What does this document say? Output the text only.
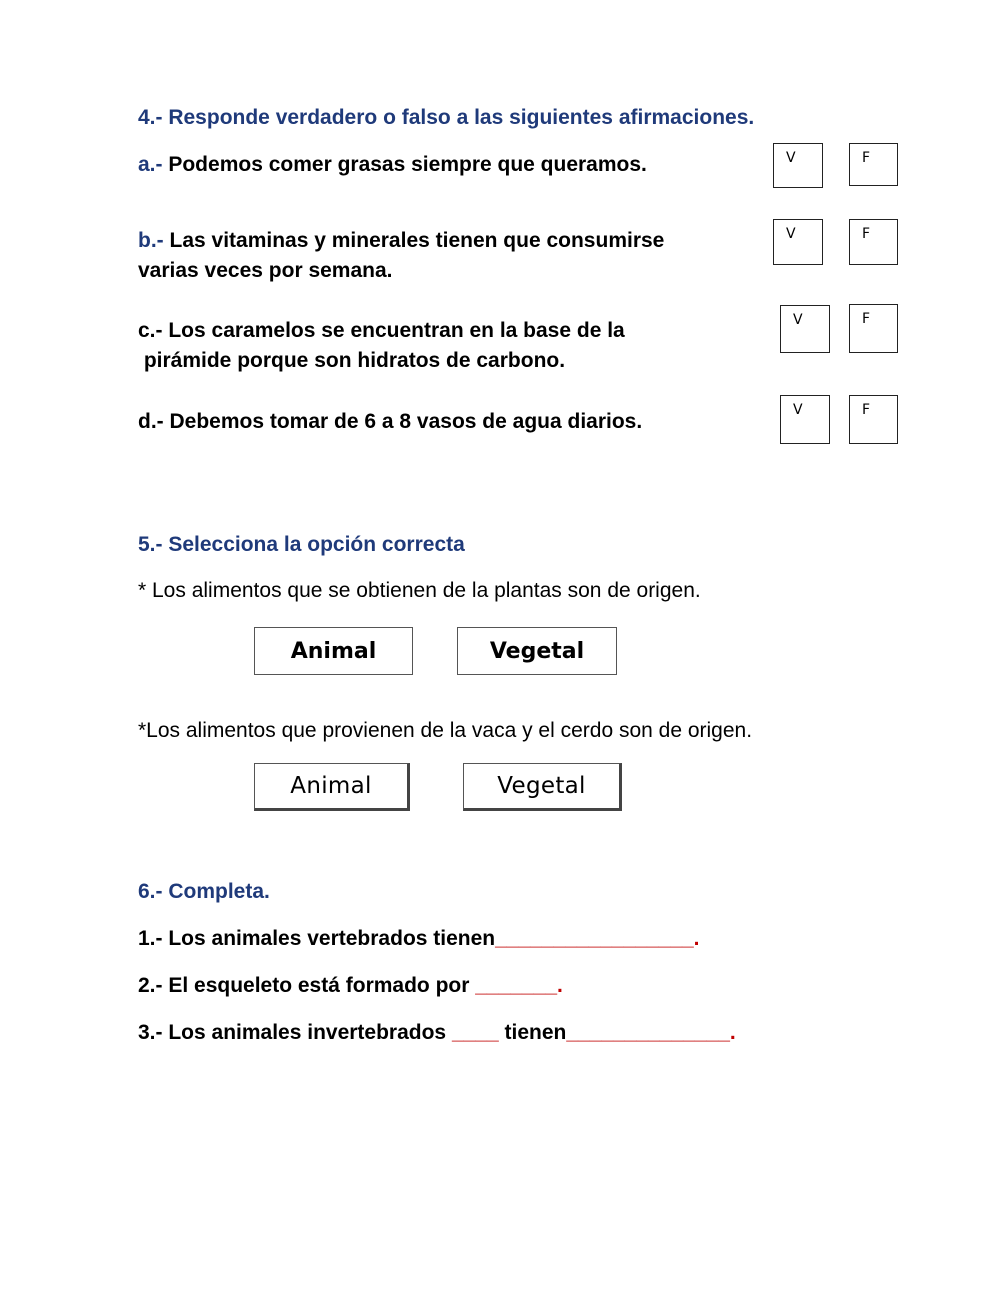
4.- Responde verdadero o falso a las siguientes afirmaciones.
a.- Podemos comer grasas siempre que queramos.	V	F
b.- Las vitaminas y minerales tienen que consumirse
varias veces por semana.
V	F
c.- Los caramelos se encuentran en la base de la
pirámide porque son hidratos de carbono.
V	F
d.- Debemos tomar de 6 a 8 vasos de agua diarios.	V	F
5.- Selecciona la opción correcta
* Los alimentos que se obtienen de la plantas son de origen.
Animal	Vegetal
*Los alimentos que provienen de la vaca y el cerdo son de origen.
Animal	Vegetal
6.- Completa.
1.- Los animales vertebrados tienen_________________.
2.- El esqueleto está formado por _______.
3.- Los animales invertebrados ____ tienen______________.
